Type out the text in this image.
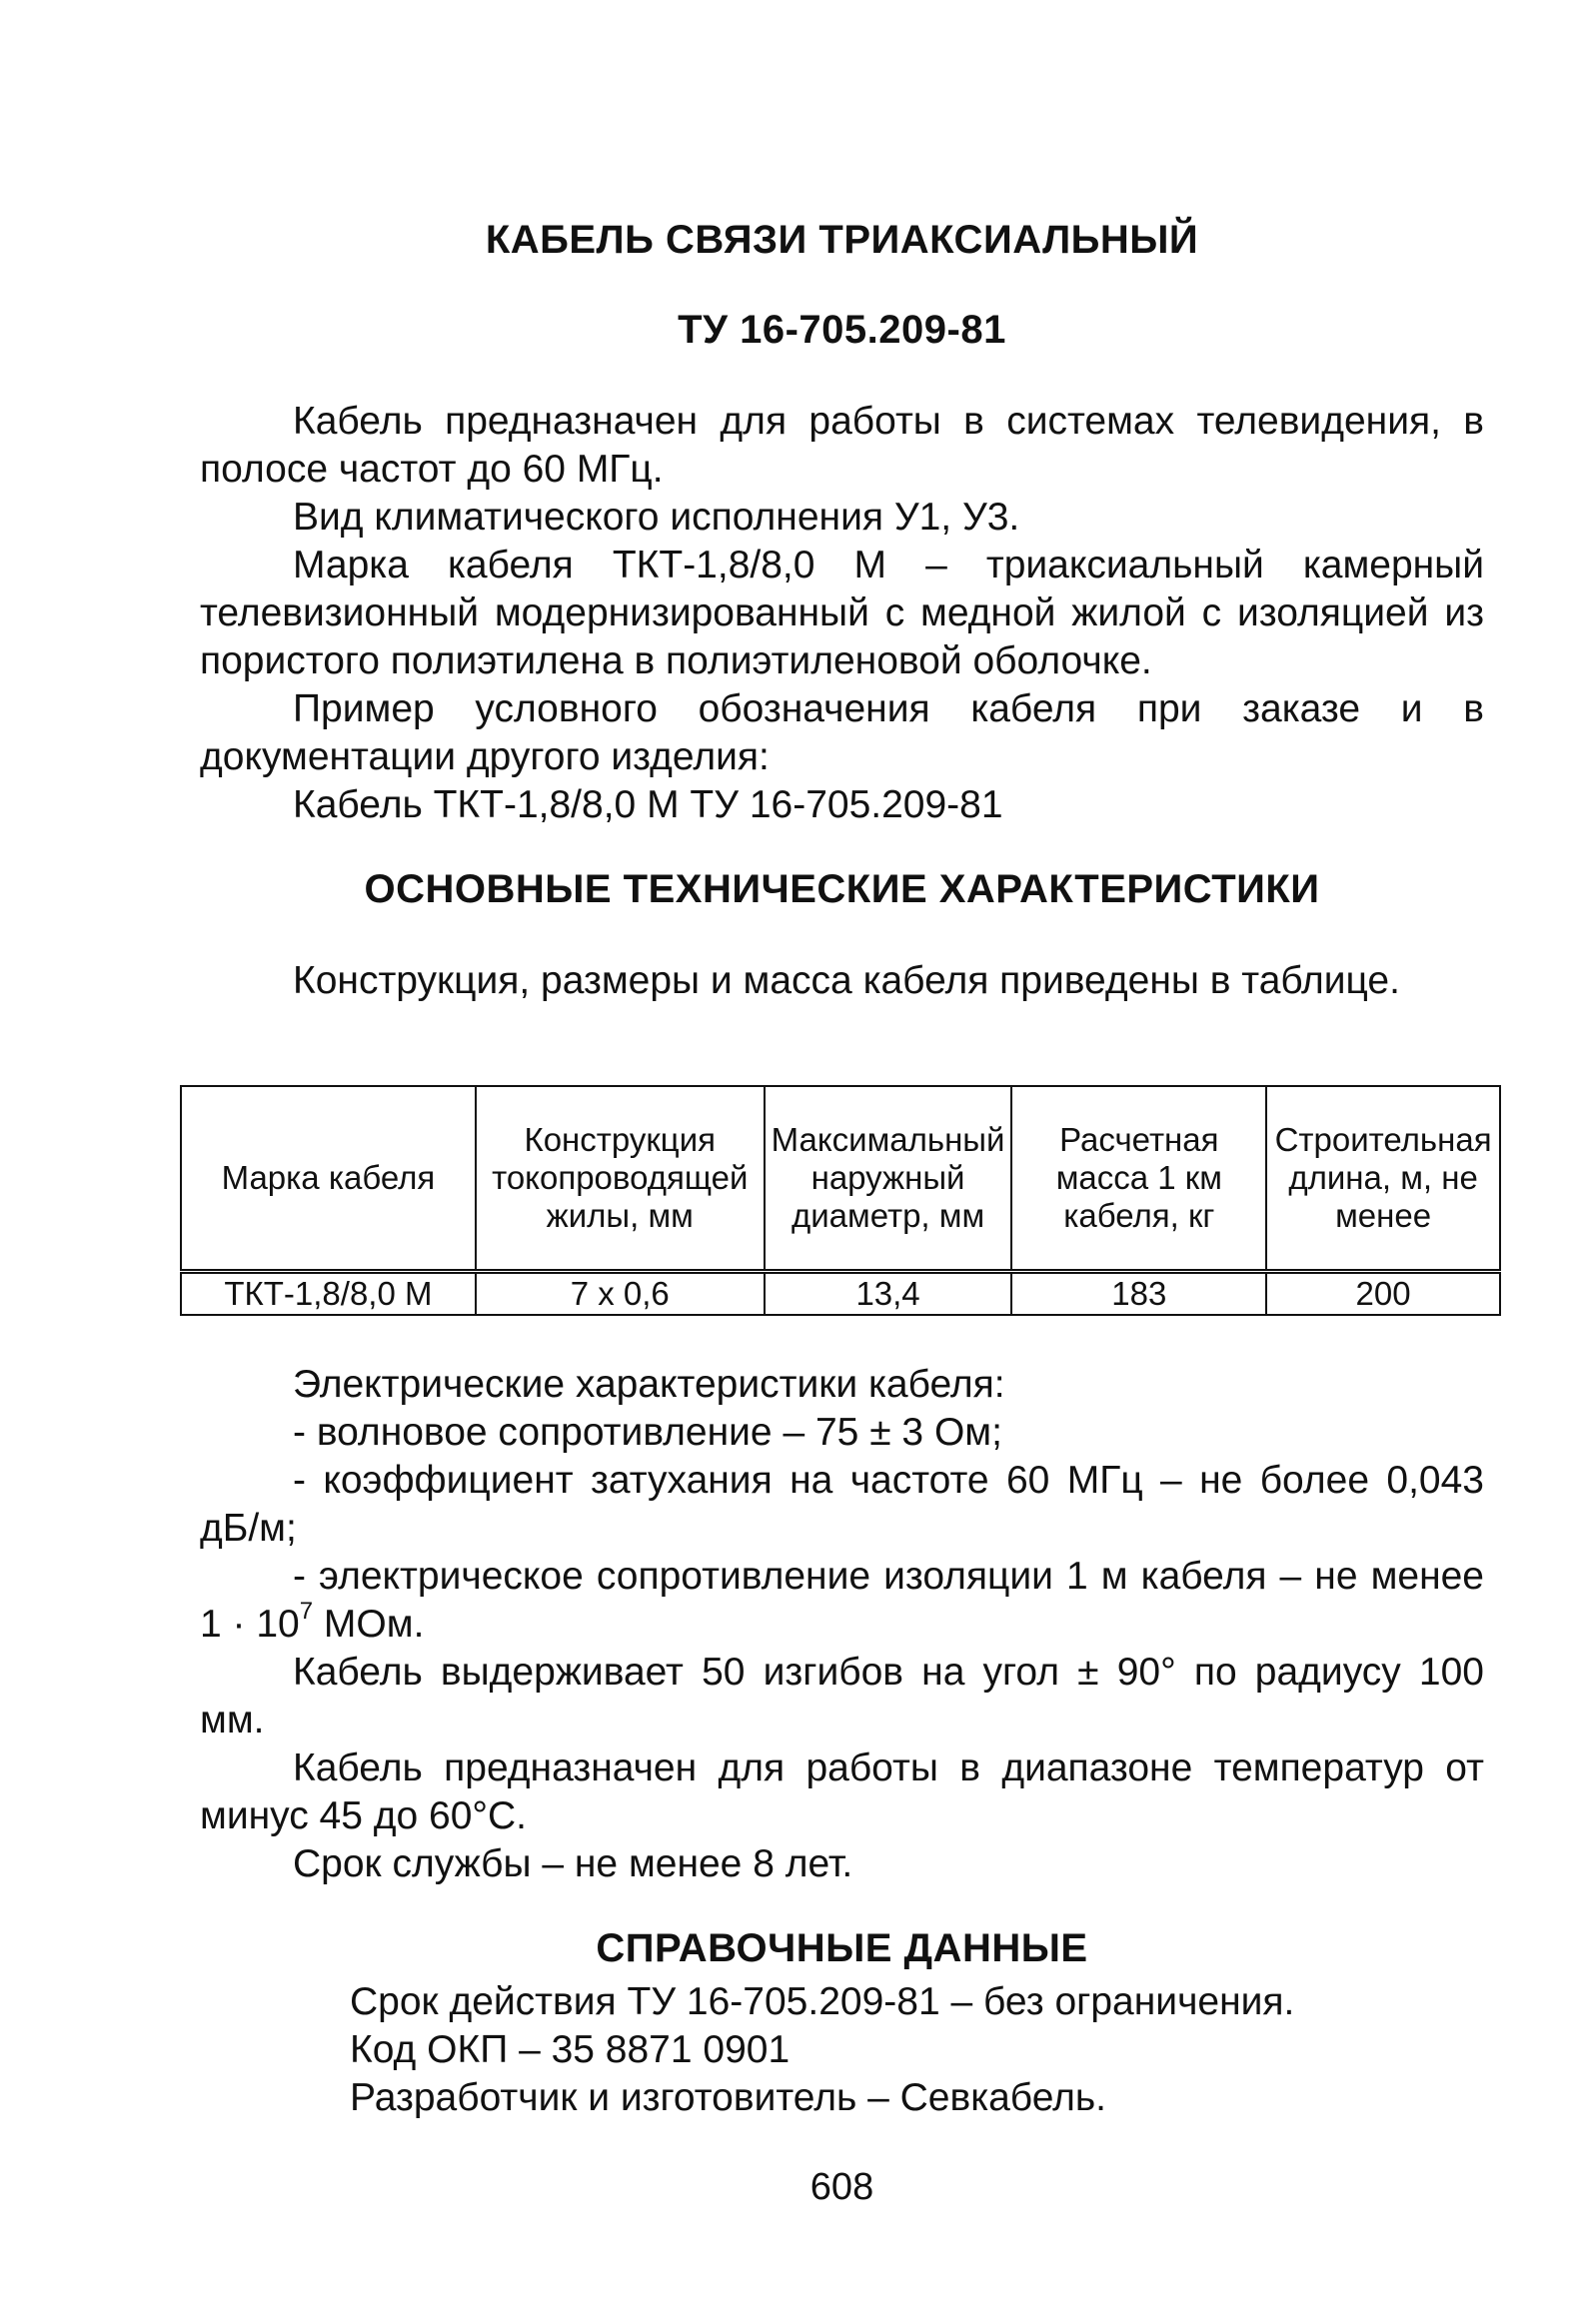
КАБЕЛЬ СВЯЗИ ТРИАКСИАЛЬНЫЙ
ТУ 16-705.209-81

Кабель предназначен для работы в системах телевидения, в полосе частот до 60 МГц.

Вид климатического исполнения У1, У3.

Марка кабеля ТКТ-1,8/8,0 М – триаксиальный камерный телевизионный модернизированный с медной жилой с изоляцией из пористого полиэтилена в полиэтиленовой оболочке.

Пример условного обозначения кабеля при заказе и в документации другого изделия:

Кабель ТКТ-1,8/8,0 М ТУ 16-705.209-81

ОСНОВНЫЕ ТЕХНИЧЕСКИЕ ХАРАКТЕРИСТИКИ

Конструкция, размеры и масса кабеля приведены в таблице.

Марка кабеля	Конструкция токопроводящей жилы, мм	Максимальный наружный диаметр, мм	Расчетная масса 1 км кабеля, кг	Строительная длина, м, не менее
ТКТ-1,8/8,0 М	7 х 0,6	13,4	183	200

Электрические характеристики кабеля:

- волновое сопротивление – 75 ± 3 Ом;

- коэффициент затухания на частоте 60 МГц – не более 0,043 дБ/м;

- электрическое сопротивление изоляции 1 м кабеля – не менее $1 \cdot 10^7$ МОм.

Кабель выдерживает 50 изгибов на угол ± 90° по радиусу 100 мм.

Кабель предназначен для работы в диапазоне температур от минус 45 до 60°С.

Срок службы – не менее 8 лет.

СПРАВОЧНЫЕ ДАННЫЕ

Срок действия ТУ 16-705.209-81 – без ограничения.

Код ОКП – 35 8871 0901

Разработчик и изготовитель – Севкабель.

608
